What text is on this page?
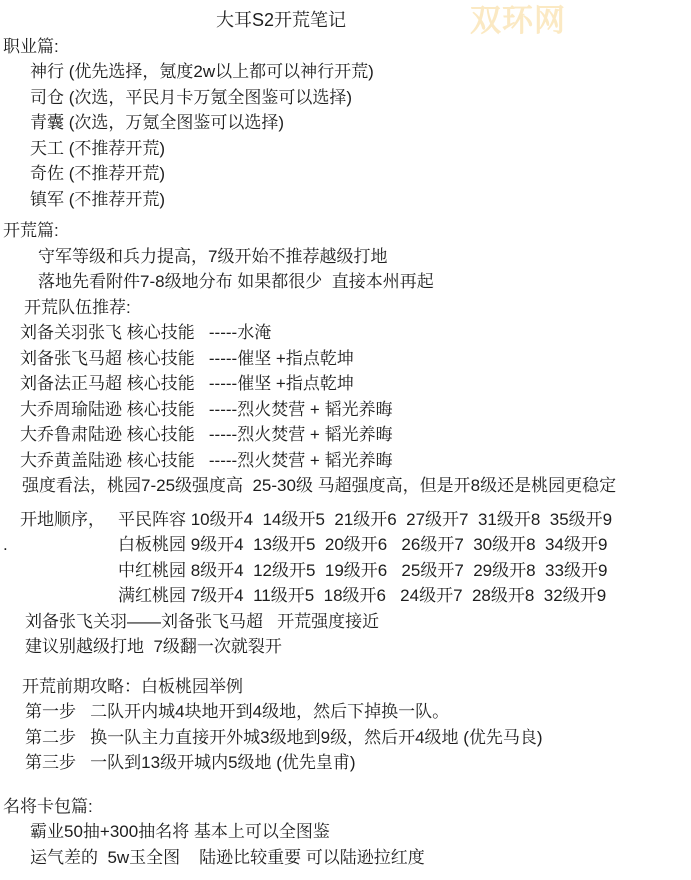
双环网
大耳S2开荒笔记
职业篇:
神行 (优先选择，氪度2w以上都可以神行开荒)
司仓 (次选，平民月卡万氪全图鉴可以选择)
青囊 (次选，万氪全图鉴可以选择)
天工 (不推荐开荒)
奇佐 (不推荐开荒)
镇军 (不推荐开荒)
开荒篇:
守军等级和兵力提高，7级开始不推荐越级打地
落地先看附件7-8级地分布 如果都很少  直接本州再起
开荒队伍推荐:
刘备关羽张飞 核心技能   -----水淹
刘备张飞马超 核心技能   -----催坚 +指点乾坤
刘备法正马超 核心技能   -----催坚 +指点乾坤
大乔周瑜陆逊 核心技能   -----烈火焚营 + 韬光养晦
大乔鲁肃陆逊 核心技能   -----烈火焚营 + 韬光养晦
大乔黄盖陆逊 核心技能   -----烈火焚营 + 韬光养晦
强度看法，桃园7-25级强度高  25-30级 马超强度高，但是开8级还是桃园更稳定
开地顺序， 平民阵容 10级开4  14级开5  21级开6  27级开7  31级开8  35级开9
.	白板桃园 9级开4  13级开5  20级开6   26级开7  30级开8  34级开9
中红桃园 8级开4  12级开5  19级开6   25级开7  29级开8  33级开9
满红桃园 7级开4  11级开5  18级开6   24级开7  28级开8  32级开9
刘备张飞关羽——刘备张飞马超   开荒强度接近
建议别越级打地  7级翻一次就裂开
开荒前期攻略：白板桃园举例
第一步   二队开内城4块地开到4级地，然后下掉换一队。
第二步   换一队主力直接开外城3级地到9级，然后开4级地 (优先马良)
第三步   一队到13级开城内5级地 (优先皇甫)
名将卡包篇:
霸业50抽+300抽名将 基本上可以全图鉴
运气差的  5w玉全图    陆逊比较重要 可以陆逊拉红度
